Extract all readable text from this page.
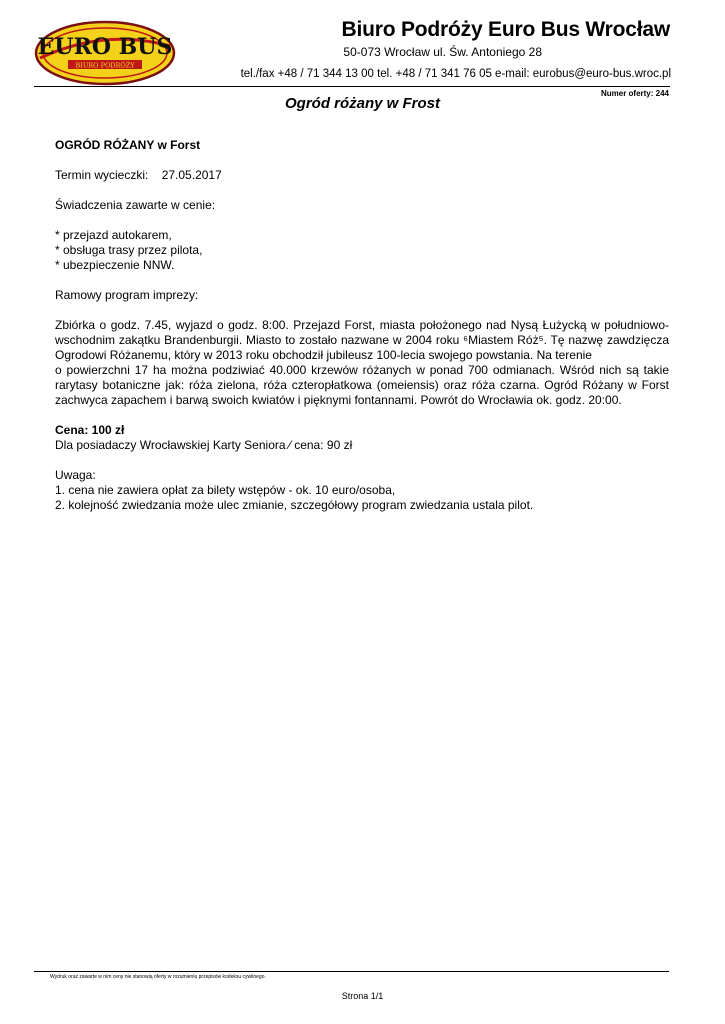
EURO BUS
BIURO PODRÓŻY
Biuro Podróży Euro Bus Wrocław
50-073 Wrocław ul. Św. Antoniego 28
tel./fax +48 / 71 344 13 00 tel. +48 / 71 341 76 05 e-mail: eurobus@euro-bus.wroc.pl
Ogród różany w Frost
Numer oferty: 244

OGRÓD RÓŻANY w Forst

Termin wycieczki: 27.05.2017

Świadczenia zawarte w cenie:

* przejazd autokarem,

* obsługa trasy przez pilota,

* ubezpieczenie NNW.

Ramowy program imprezy:

Zbiórka o godz. 7.45, wyjazd o godz. 8:00. Przejazd Forst, miasta położonego nad Nysą Łużycką w południowo-wschodnim zakątku Brandenburgii. Miasto to zostało nazwane w 2004 roku ⁶Miastem Róż⁵. Tę nazwę zawdzięcza Ogrodowi Różanemu, który w 2013 roku obchodził jubileusz 100-lecia swojego powstania. Na terenie

o powierzchni 17 ha można podziwiać 40.000 krzewów różanych w ponad 700 odmianach. Wśród nich są takie rarytasy botaniczne jak: róża zielona, róża czteropłatkowa (omeiensis) oraz róża czarna. Ogród Różany w Forst zachwyca zapachem i barwą swoich kwiatów i pięknymi fontannami. Powrót do Wrocławia ok. godz. 20:00.

Cena: 100 zł

Dla posiadaczy Wrocławskiej Karty Seniora ⁄ cena: 90 zł

Uwaga:

1. cena nie zawiera opłat za bilety wstępów - ok. 10 euro/osoba,

2. kolejność zwiedzania może ulec zmianie, szczegółowy program zwiedzania ustala pilot.

Wydruk oraz zawarte w nim ceny nie stanowią oferty w rozumieniu przepisów kodeksu cywilnego.
Strona 1/1
